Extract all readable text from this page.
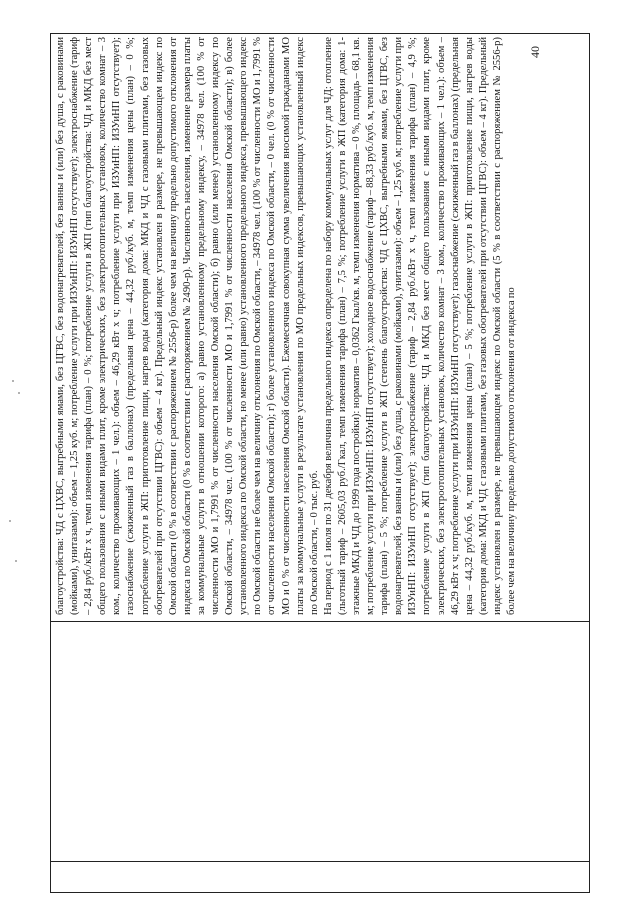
благоустройства: ЧД с ЦХВС, выгребными ямами, без ЦГВС, без водонагревателей, без ванны и (или) без душа, с раковинами (мойками), унитазами): объем – 1,25 куб. м; потребление услуги при ИЗУиНП: ИЗУиНП отсутствует); электроснабжение (тариф – 2,84 руб./кВт х ч, темп изменения тарифа (план) – 0 %; потребление услуги в ЖП (тип благоустройства: ЧД и МКД без мест общего пользования с иными видами плит, кроме электрических, без электроотопительных установок, количество комнат – 3 ком., количество проживающих – 1 чел.): объем – 46,29 кВт х ч; потребление услуги при ИЗУиНП: ИЗУиНП отсутствует); газоснабжение (сжиженный газ в баллонах) (предельная цена – 44,32 руб./куб. м, темп изменения цены (план) – 0 %; потребление услуги в ЖП: приготовление пищи, нагрев воды (категория дома: МКД и ЧД с газовыми плитами, без газовых обогревателей при отсутствии ЦГВС): объем – 4 кг). Предельный индекс установлен в размере, не превышающем индекс по Омской области (0 % в соответствии с распоряжением № 2556-р) более чем на величину предельно допустимого отклонения от индекса по Омской области (0 % в соответствии с распоряжением № 2490-р). Численность населения, изменение размера платы за коммунальные услуги в отношении которого: а) равно установленному предельному индексу, – 34978 чел. (100 % от численности МО и 1,7991 % от численности населения Омской области); б) равно (или менее) установленному индексу по Омской области, – 34978 чел. (100 % от численности МО и 1,7991 % от численности населения Омской области); в) более установленного индекса по Омской области, но менее (или равно) установленного предельного индекса, превышающего индекс по Омской области не более чем на величину отклонения по Омской области, – 34978 чел. (100 % от численности МО и 1,7991 % от численности населения Омской области); г) более установленного индекса по Омской области, – 0 чел. (0 % от численности МО и 0 % от численности населения Омской области). Ежемесячная совокупная сумма увеличения вносимой гражданами МО платы за коммунальные услуги в результате установления по МО предельных индексов, превышающих установленный индекс по Омской области, – 0 тыс. руб. На период с 1 июля по 31 декабря величина предельного индекса определена по набору коммунальных услуг для ЧД: отопление (льготный тариф – 2605,03 руб./Гкал, темп изменения тарифа (план) – 7,5 %; потребление услуги в ЖП (категория дома: 1-этажные МКД и ЧД до 1999 года постройки): норматив – 0,0362 Гкал/кв. м, темп изменения норматива – 0 %, площадь – 68,1 кв. м; потребление услуги при ИЗУиНП: ИЗУиНП отсутствует); холодное водоснабжение (тариф – 88,33 руб./куб. м, темп изменения тарифа (план) – 5 %; потребление услуги в ЖП (степень благоустройства: ЧД с ЦХВС, выгребными ямами, без ЦГВС, без водонагревателей, без ванны и (или) без душа, с раковинами (мойками), унитазами): объем – 1,25 куб. м; потребление услуги при ИЗУиНП: ИЗУиНП отсутствует); электроснабжение (тариф – 2,84 руб./кВт х ч, темп изменения тарифа (план) – 4,9 %; потребление услуги в ЖП (тип благоустройства: ЧД и МКД без мест общего пользования с иными видами плит, кроме электрических, без электроотопительных установок, количество комнат – 3 ком., количество проживающих – 1 чел.): объем – 46,29 кВт х ч; потребление услуги при ИЗУиНП: ИЗУиНП отсутствует); газоснабжение (сжиженный газ в баллонах) (предельная цена – 44,32 руб./куб. м, темп изменения цены (план) – 5 %; потребление услуги в ЖП: приготовление пищи, нагрев воды (категория дома: МКД и ЧД с газовыми плитами, без газовых обогревателей при отсутствии ЦГВС): объем – 4 кг). Предельный индекс установлен в размере, не превышающем индекс по Омской области (5 % в соответствии с распоряжением № 2556-р) более чем на величину предельно допустимого отклонения от индекса по

40
